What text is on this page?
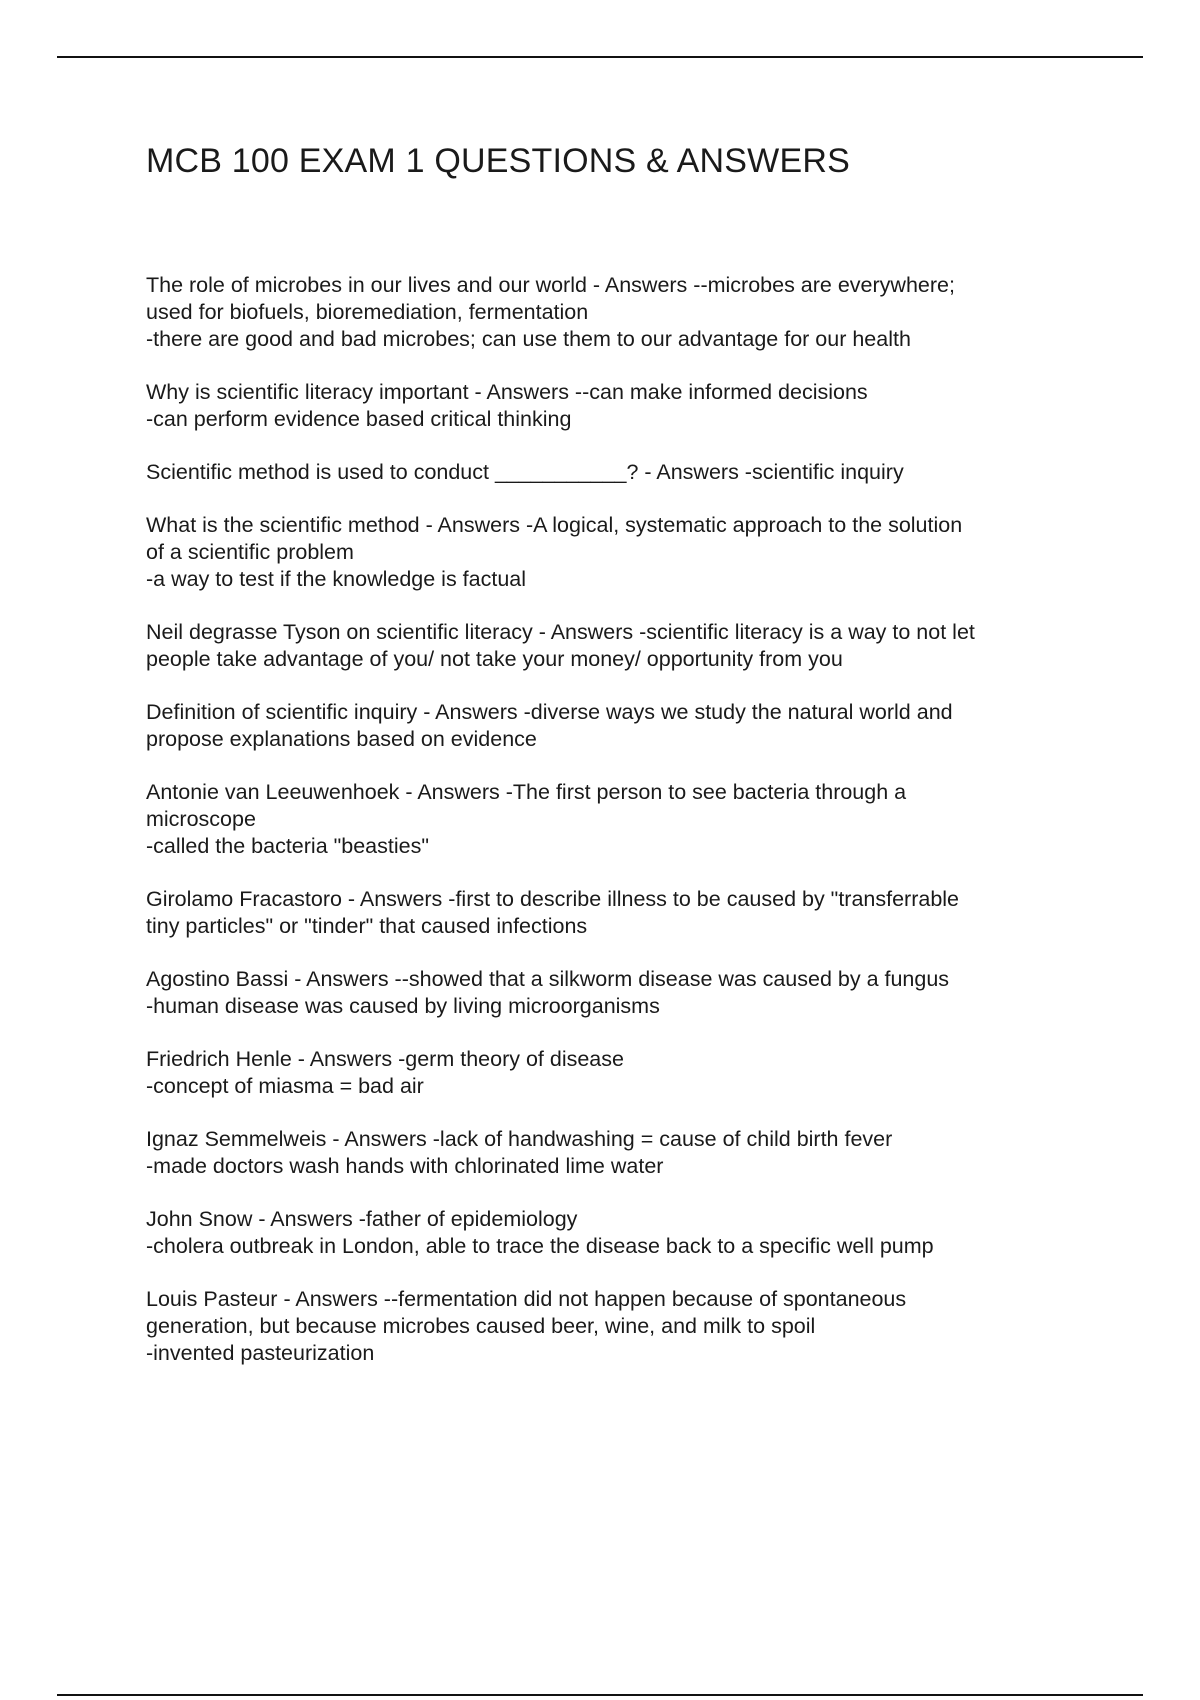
MCB 100 EXAM 1 QUESTIONS & ANSWERS
The role of microbes in our lives and our world - Answers --microbes are everywhere;
used for biofuels, bioremediation, fermentation
-there are good and bad microbes; can use them to our advantage for our health
Why is scientific literacy important - Answers --can make informed decisions
-can perform evidence based critical thinking
Scientific method is used to conduct ___________? - Answers -scientific inquiry
What is the scientific method - Answers -A logical, systematic approach to the solution
of a scientific problem
-a way to test if the knowledge is factual
Neil degrasse Tyson on scientific literacy - Answers -scientific literacy is a way to not let
people take advantage of you/ not take your money/ opportunity from you
Definition of scientific inquiry - Answers -diverse ways we study the natural world and
propose explanations based on evidence
Antonie van Leeuwenhoek - Answers -The first person to see bacteria through a
microscope
-called the bacteria "beasties"
Girolamo Fracastoro - Answers -first to describe illness to be caused by "transferrable
tiny particles" or "tinder" that caused infections
Agostino Bassi - Answers --showed that a silkworm disease was caused by a fungus
-human disease was caused by living microorganisms
Friedrich Henle - Answers -germ theory of disease
-concept of miasma = bad air
Ignaz Semmelweis - Answers -lack of handwashing = cause of child birth fever
-made doctors wash hands with chlorinated lime water
John Snow - Answers -father of epidemiology
-cholera outbreak in London, able to trace the disease back to a specific well pump
Louis Pasteur - Answers --fermentation did not happen because of spontaneous
generation, but because microbes caused beer, wine, and milk to spoil
-invented pasteurization
